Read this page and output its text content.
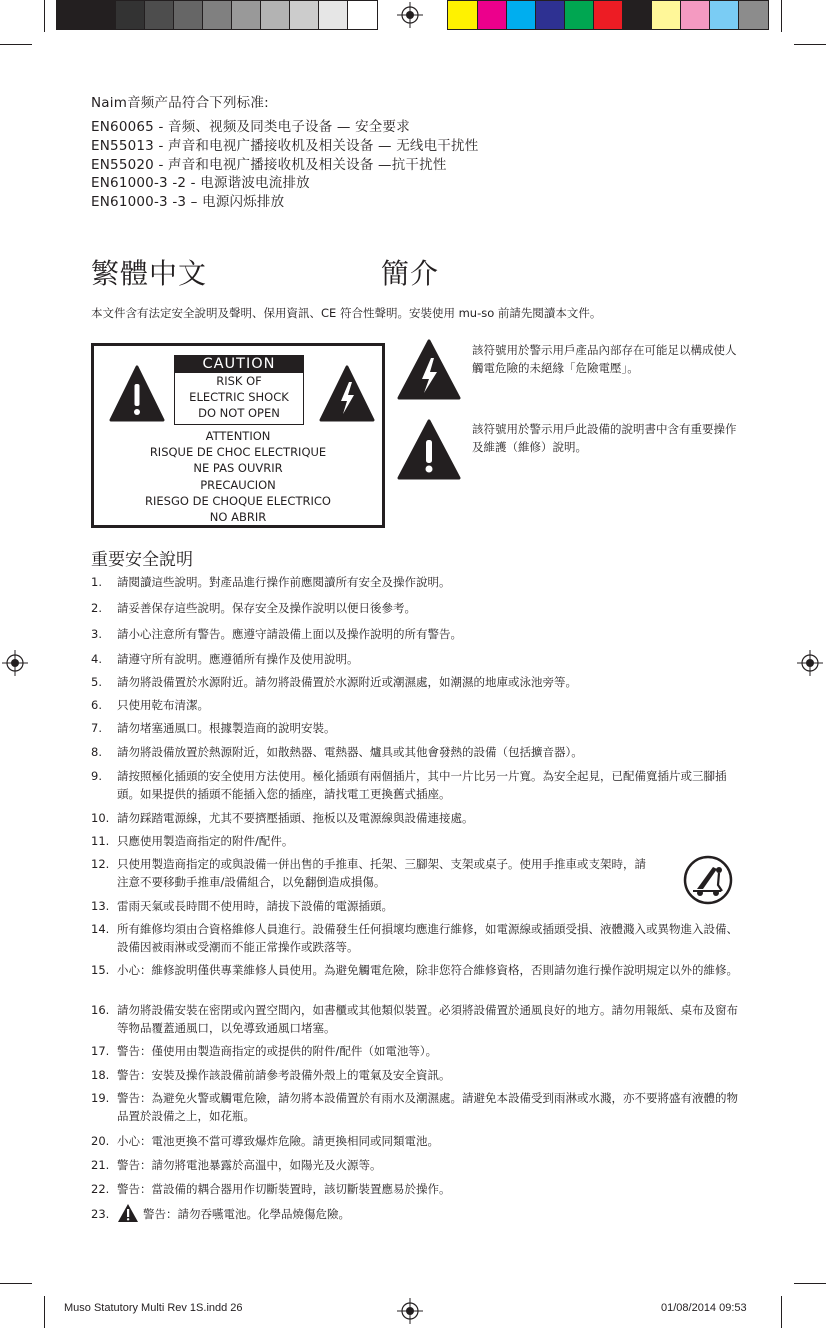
Naim音频产品符合下列标准:
EN60065 - 音频、视频及同类电子设备 — 安全要求
EN55013 - 声音和电视广播接收机及相关设备 — 无线电干扰性
EN55020 - 声音和电视广播接收机及相关设备 —抗干扰性
EN61000-3 -2 - 电源谐波电流排放
EN61000-3 -3 – 电源闪烁排放
繁體中文	簡介
本文件含有法定安全說明及聲明、保用資訊、CE 符合性聲明。安裝使用 mu-so 前請先閱讀本文件。
CAUTION
RISK OF
ELECTRIC SHOCK
DO NOT OPEN
ATTENTION
RISQUE DE CHOC ELECTRIQUE
NE PAS OUVRIR
PRECAUCION
RIESGO DE CHOQUE ELECTRICO
NO ABRIR
該符號用於警示用戶產品內部存在可能足以構成使人觸電危險的未絕緣「危險電壓」。
該符號用於警示用戶此設備的說明書中含有重要操作及維護（維修）說明。
重要安全說明
1. 請閱讀這些說明。對產品進行操作前應閱讀所有安全及操作說明。
2. 請妥善保存這些說明。保存安全及操作說明以便日後參考。
3. 請小心注意所有警告。應遵守請設備上面以及操作說明的所有警告。
4. 請遵守所有說明。應遵循所有操作及使用說明。
5. 請勿將設備置於水源附近。請勿將設備置於水源附近或潮濕處，如潮濕的地庫或泳池旁等。
6. 只使用乾布清潔。
7. 請勿堵塞通風口。根據製造商的說明安裝。
8. 請勿將設備放置於熱源附近，如散熱器、電熱器、爐具或其他會發熱的設備（包括擴音器）。
9. 請按照極化插頭的安全使用方法使用。極化插頭有兩個插片，其中一片比另一片寬。為安全起見，已配備寬插片或三腳插頭。如果提供的插頭不能插入您的插座，請找電工更換舊式插座。
10. 請勿踩踏電源線，尤其不要擠壓插頭、拖板以及電源線與設備連接處。
11. 只應使用製造商指定的附件/配件。
12. 只使用製造商指定的或與設備一併出售的手推車、托架、三腳架、支架或桌子。使用手推車或支架時，請注意不要移動手推車/設備組合，以免翻倒造成損傷。
13. 雷雨天氣或長時間不使用時，請拔下設備的電源插頭。
14. 所有維修均須由合資格維修人員進行。設備發生任何損壞均應進行維修，如電源線或插頭受損、液體濺入或異物進入設備、設備因被雨淋或受潮而不能正常操作或跌落等。
15. 小心：維修說明僅供專業維修人員使用。為避免觸電危險，除非您符合維修資格，否則請勿進行操作說明規定以外的維修。
16. 請勿將設備安裝在密閉或內置空間內，如書櫃或其他類似裝置。必須將設備置於通風良好的地方。請勿用報紙、桌布及窗布等物品覆蓋通風口，以免導致通風口堵塞。
17. 警告：僅使用由製造商指定的或提供的附件/配件（如電池等）。
18. 警告：安裝及操作該設備前請參考設備外殼上的電氣及安全資訊。
19. 警告：為避免火警或觸電危險，請勿將本設備置於有雨水及潮濕處。請避免本設備受到雨淋或水濺，亦不要將盛有液體的物品置於設備之上，如花瓶。
20. 小心：電池更換不當可導致爆炸危險。請更換相同或同類電池。
21. 警告：請勿將電池暴露於高溫中，如陽光及火源等。
22. 警告：當設備的耦合器用作切斷裝置時，該切斷裝置應易於操作。
23.	警告：請勿吞嚥電池。化學品燒傷危險。
Muso Statutory Multi Rev 1S.indd 26	01/08/2014 09:53
